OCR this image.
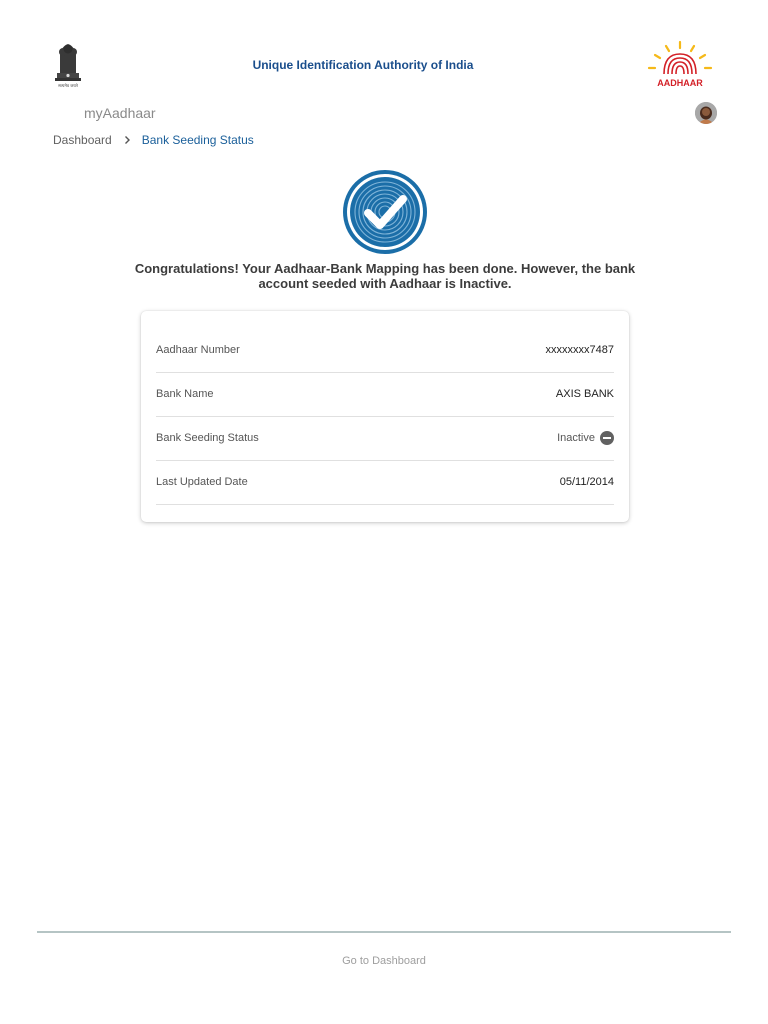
सत्यमेव जयते
Unique Identification Authority of India
AADHAAR
myAadhaar
Dashboard	Bank Seeding Status
Congratulations! Your Aadhaar-Bank Mapping has been done. However, the bank account seeded with Aadhaar is Inactive.
Aadhaar Number	xxxxxxxx7487
Bank Name	AXIS BANK
Bank Seeding Status	Inactive
Last Updated Date	05/11/2014
Go to Dashboard
